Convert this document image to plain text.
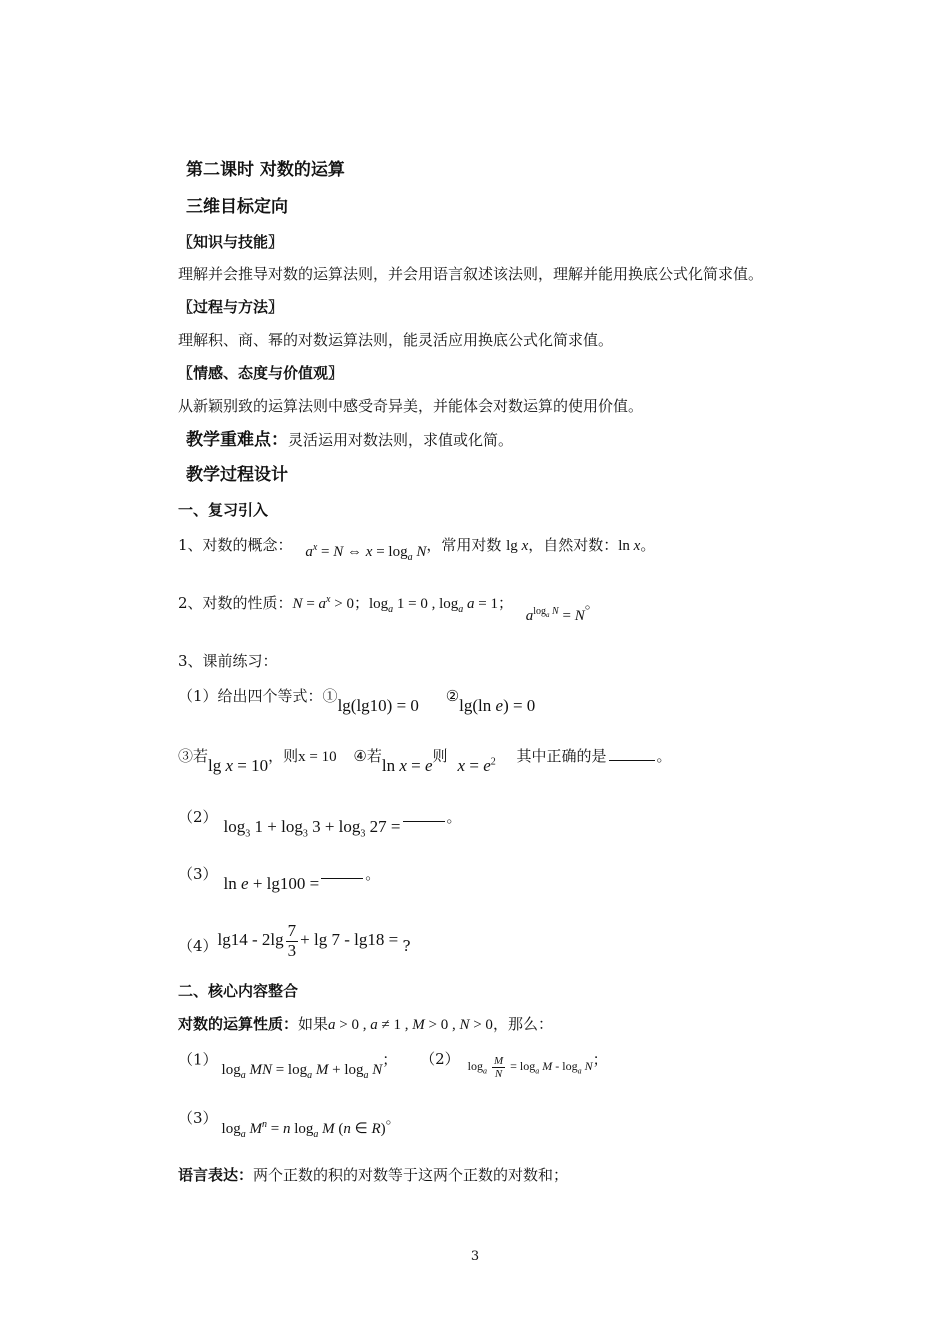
第二课时 对数的运算
三维目标定向
〖知识与技能〗
理解并会推导对数的运算法则，并会用语言叙述该法则，理解并能用换底公式化简求值。
〖过程与方法〗
理解积、商、幂的对数运算法则，能灵活应用换底公式化简求值。
〖情感、态度与价值观〗
从新颖别致的运算法则中感受奇异美，并能体会对数运算的使用价值。
教学重难点：灵活运用对数法则，求值或化简。
教学过程设计
一、复习引入
1、对数的概念： $a^x = N$ ⇔ $x = \log_a N$，常用对数 lg x，自然对数：ln x。
2、对数的性质：$N = a^x > 0$；$\log_a 1 = 0$ , $\log_a a = 1$； $a^{log_a N} = N$。
3、课前练习：
（1）给出四个等式：①lg(lg10) = 0 ②lg(ln e) = 0
③若lg x = 10，则x = 10 ④若ln x = e则 $x = e^2$ 其中正确的是	。
（2） $\log_3 1 + \log_3 3 + \log_3 27$ =	。
（3） ln e + lg100 =	。
$(4)\lg 14 - 2\lg \frac{7}{3} + \lg 7 - \lg 18$ = ?
二、核心内容整合
对数的运算性质：如果a > 0 , a ≠ 1 , M > 0 , N > 0，那么：
$(1)\log_a$ MN = $\log_a M + \log_a N$； （2） $_{log_a \frac{M}{N} = log_a M - log_a N}$；
$(3)\log_a$ $M^n = n$ $\log_a M$ (n ∈ R)。
语言表达：两个正数的积的对数等于这两个正数的对数和；
3
